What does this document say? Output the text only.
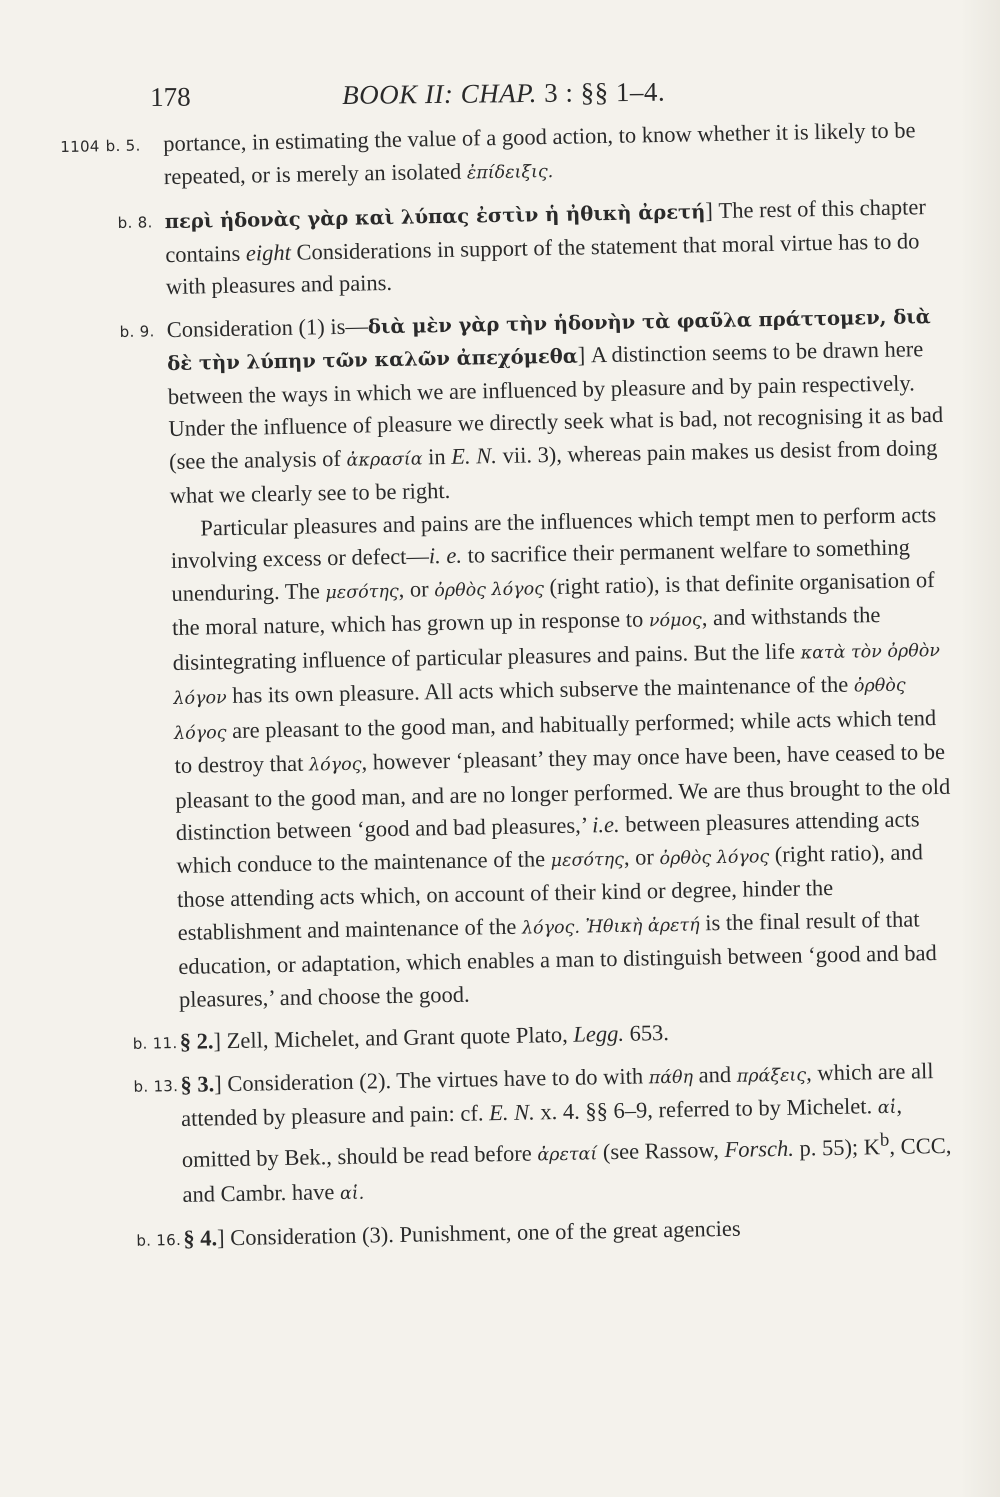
178	BOOK II: CHAP. 3 : §§ 1–4.

1104 b. 5. portance, in estimating the value of a good action, to know whether it is likely to be repeated, or is merely an isolated ἐπίδειξις.

b. 8. περὶ ἡδονὰς γὰρ καὶ λύπας ἐστὶν ἡ ἠθικὴ ἀρετή] The rest of this chapter contains eight Considerations in support of the statement that moral virtue has to do with pleasures and pains.

b. 9. Consideration (1) is—διὰ μὲν γὰρ τὴν ἡδονὴν τὰ φαῦλα πράττομεν, διὰ δὲ τὴν λύπην τῶν καλῶν ἀπεχόμεθα] A distinction seems to be drawn here between the ways in which we are influenced by pleasure and by pain respectively. Under the influence of pleasure we directly seek what is bad, not recognising it as bad (see the analysis of ἀκρασία in E. N. vii. 3), whereas pain makes us desist from doing what we clearly see to be right.

Particular pleasures and pains are the influences which tempt men to perform acts involving excess or defect—i. e. to sacrifice their permanent welfare to something unenduring. The μεσότης, or ὀρθὸς λόγος (right ratio), is that definite organisation of the moral nature, which has grown up in response to νόμος, and withstands the disintegrating influence of particular pleasures and pains. But the life κατὰ τὸν ὀρθὸν λόγον has its own pleasure. All acts which subserve the maintenance of the ὀρθὸς λόγος are pleasant to the good man, and habitually performed; while acts which tend to destroy that λόγος, however ‘pleasant’ they may once have been, have ceased to be pleasant to the good man, and are no longer performed. We are thus brought to the old distinction between ‘good and bad pleasures,’ i.e. between pleasures attending acts which conduce to the maintenance of the μεσότης, or ὀρθὸς λόγος (right ratio), and those attending acts which, on account of their kind or degree, hinder the establishment and maintenance of the λόγος. Ἠθικὴ ἀρετή is the final result of that education, or adaptation, which enables a man to distinguish between ‘good and bad pleasures,’ and choose the good.

b. 11. § 2.] Zell, Michelet, and Grant quote Plato, Legg. 653.

b. 13. § 3.] Consideration (2). The virtues have to do with πάθη and πράξεις, which are all attended by pleasure and pain: cf. E. N. x. 4. §§ 6–9, referred to by Michelet. αἱ, omitted by Bek., should be read before ἀρεταί (see Rassow, Forsch. p. 55); $K^b$, CCC, and Cambr. have αἱ.

b. 16. § 4.] Consideration (3). Punishment, one of the great agencies
